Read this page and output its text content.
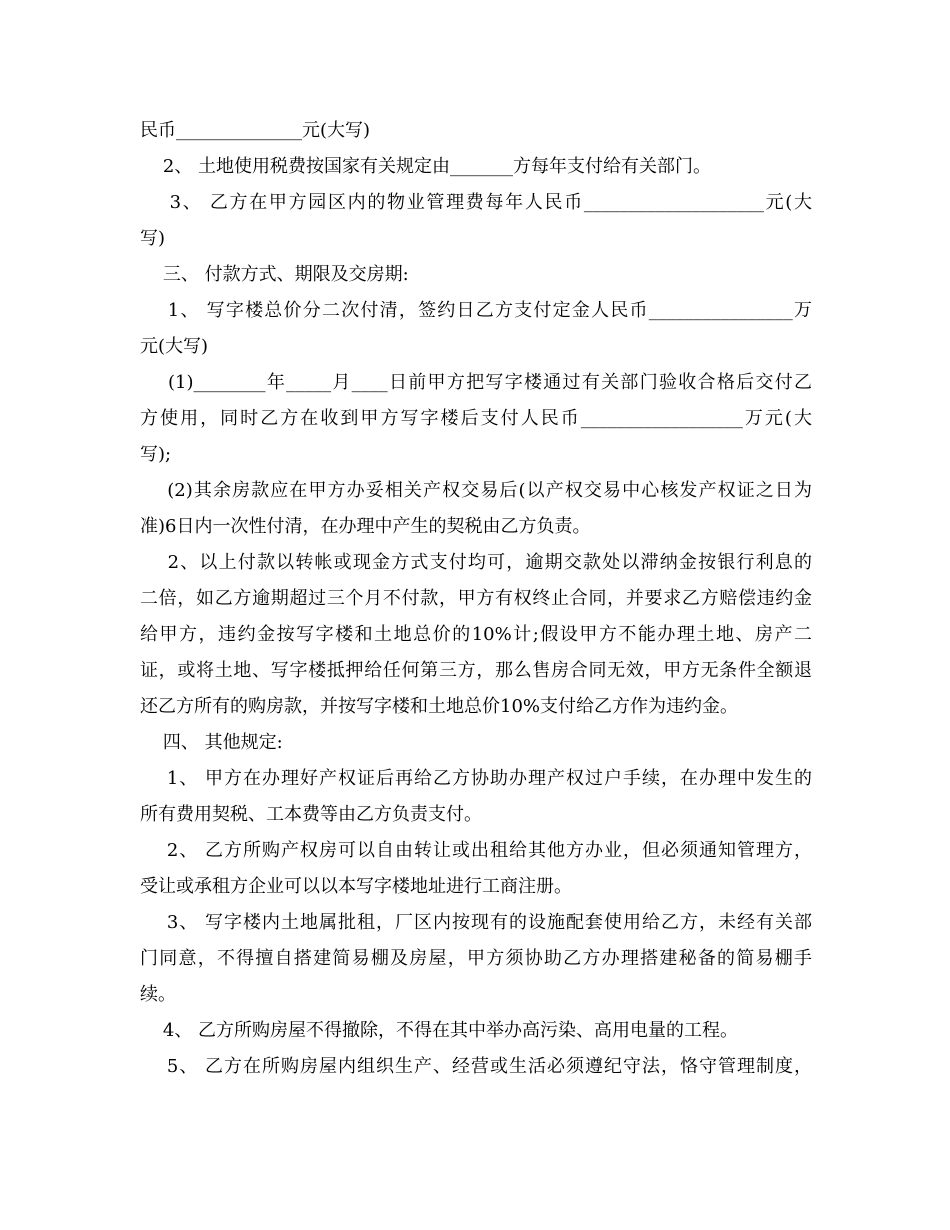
民币______________元(大写)
2、 土地使用税费按国家有关规定由_______方每年支付给有关部门。
3、 乙方在甲方园区内的物业管理费每年人民币____________________元(大
写)
三、 付款方式、期限及交房期:
1、 写字楼总价分二次付清，签约日乙方支付定金人民币________________万
元(大写)
(1)________年_____月____日前甲方把写字楼通过有关部门验收合格后交付乙
方使用，同时乙方在收到甲方写字楼后支付人民币__________________万元(大
写);
(2)其余房款应在甲方办妥相关产权交易后(以产权交易中心核发产权证之日为
准)6日内一次性付清，在办理中产生的契税由乙方负责。
2、以上付款以转帐或现金方式支付均可，逾期交款处以滞纳金按银行利息的
二倍，如乙方逾期超过三个月不付款，甲方有权终止合同，并要求乙方赔偿违约金
给甲方，违约金按写字楼和土地总价的10%计;假设甲方不能办理土地、房产二
证，或将土地、写字楼抵押给任何第三方，那么售房合同无效，甲方无条件全额退
还乙方所有的购房款，并按写字楼和土地总价10%支付给乙方作为违约金。
四、 其他规定:
1、 甲方在办理好产权证后再给乙方协助办理产权过户手续，在办理中发生的
所有费用契税、工本费等由乙方负责支付。
2、 乙方所购产权房可以自由转让或出租给其他方办业，但必须通知管理方，
受让或承租方企业可以以本写字楼地址进行工商注册。
3、 写字楼内土地属批租，厂区内按现有的设施配套使用给乙方，未经有关部
门同意，不得擅自搭建简易棚及房屋，甲方须协助乙方办理搭建秘备的简易棚手
续。
4、 乙方所购房屋不得撤除，不得在其中举办高污染、高用电量的工程。
5、 乙方在所购房屋内组织生产、经营或生活必须遵纪守法，恪守管理制度，
